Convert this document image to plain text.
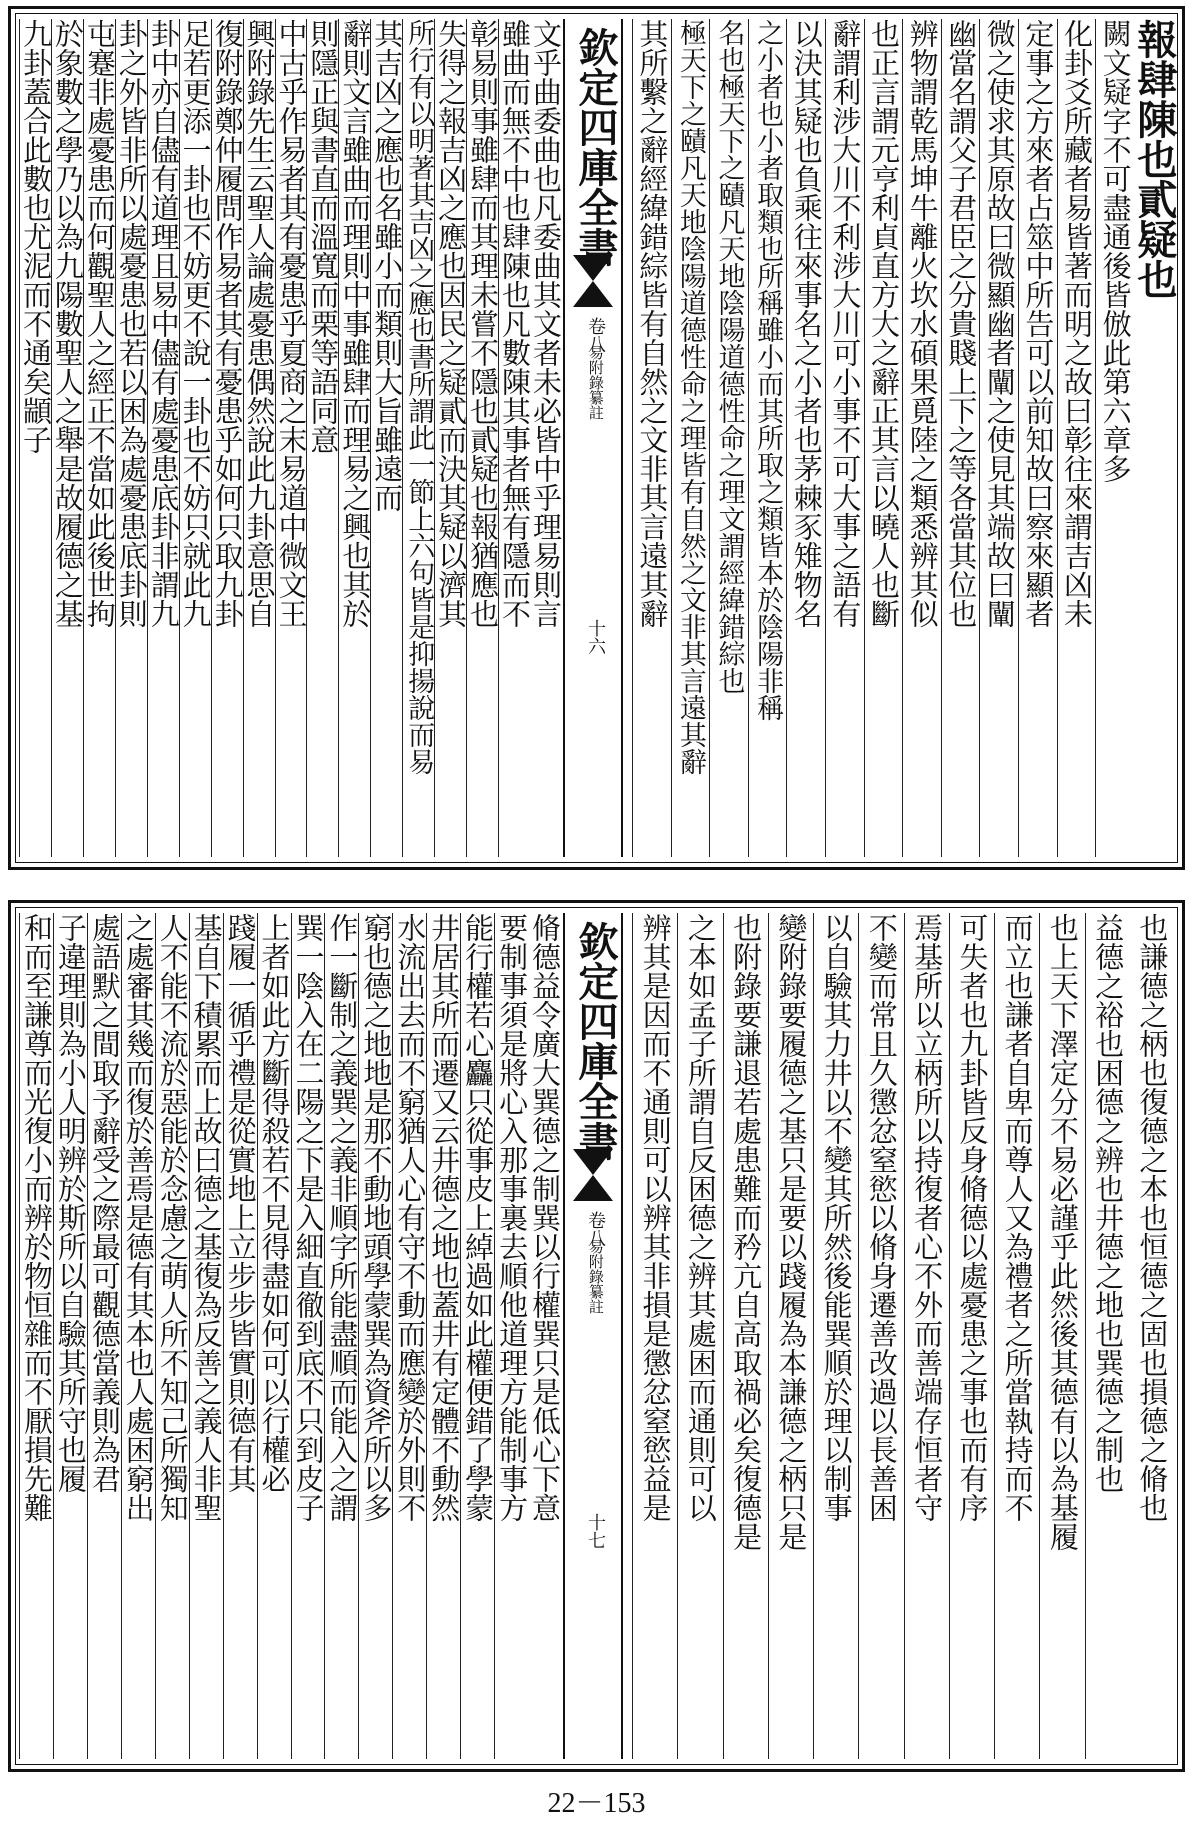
其所繫之辭經緯錯綜皆有自然之文非其言遠其辭 極天下之賾凡天地陰陽道德性命之理皆有自然之文非其言遠其辭 名也極天下之賾凡天地陰陽道德性命之理文謂經緯錯綜也 之小者也小者取類也所稱雖小而其所取之類皆本於陰陽非稱 以決其疑也負乘往來事名之小者也茅棘豕雉物名 辭謂利涉大川不利涉大川可小事不可大事之語有 也正言謂元亨利貞直方大之辭正其言以曉人也斷 辨物謂乾馬坤牛離火坎水碩果覓陸之類悉辨其似 幽當名謂父子君臣之分貴賤上下之等各當其位也 微之使求其原故曰微顯幽者闡之使見其端故曰闡 定事之方來者占筮中所告可以前知故曰察來顯者 化卦爻所藏者易皆著而明之故曰彰往來謂吉凶未 闕文疑字不可盡通後皆倣此第六章多
報肆陳也貳疑也
欽定四庫全書
卷八
易附錄纂註
十六
九卦蓋合此數也尤泥而不通矣顓子
於象數之學乃以為九陽數聖人之舉是故履德之基
屯蹇非處憂患而何觀聖人之經正不當如此後世拘
卦之外皆非所以處憂患也若以困為處憂患底卦則
卦中亦自儘有道理且易中儘有處憂患底卦非謂九
足若更添一卦也不妨更不說一卦也不妨只就此九
復附錄鄭仲履問作易者其有憂患乎如何只取九卦
興附錄先生云聖人論處憂患偶然說此九卦意思自
中古乎作易者其有憂患乎夏商之末易道中微文王
則隱正與書直而溫寬而栗等語同意
辭則文言雖曲而理則中事雖肆而理易之興也其於
其吉凶之應也名雖小而類則大旨雖遠而
所行有以明著其吉凶之應也書所謂此一節上六句皆是抑揚說而易 失得之報吉凶之應也因民之疑貳而決其疑以濟其
彰易則事雖肆而其理未嘗不隱也貳疑也報猶應也
雖曲而無不中也肆陳也凡數陳其事者無有隱而不
文乎曲委曲也凡委曲其文者未必皆中乎理易則言
辨其是因而不通則可以辨其非損是懲忿窒慾益是 之本如孟子所謂自反困德之辨其處困而通則可以 也附錄要謙退若處患難而矜亢自高取禍必矣復德是 變附錄要履德之基只是要以踐履為本謙德之柄只是 以自驗其力井以不變其所然後能巽順於理以制事 不變而常且久懲忿窒慾以脩身遷善改過以長善困 焉基所以立柄所以持復者心不外而善端存恒者守 可失者也九卦皆反身脩德以處憂患之事也而有序 而立也謙者自卑而尊人又為禮者之所當執持而不 也上天下澤定分不易必謹乎此然後其德有以為基履 益德之裕也困德之辨也井德之地也巽德之制也 也謙德之柄也復德之本也恒德之固也損德之脩也
欽定四庫全書
卷八
易附錄纂註
十七
和而至謙尊而光復小而辨於物恒雜而不厭損先難 子違理則為小人明辨於斯所以自驗其所守也履 處語默之間取予辭受之際最可觀德當義則為君 之處審其幾而復於善焉是德有其本也人處困窮出 人不能不流於惡能於念慮之萌人所不知己所獨知 基自下積累而上故曰德之基復為反善之義人非聖 踐履一循乎禮是從實地上立步步皆實則德有其 上者如此方斷得殺若不見得盡如何可以行權必 巽一陰入在二陽之下是入細直徹到底不只到皮子 作一斷制之義巽之義非順字所能盡順而能入之謂 窮也德之地地是那不動地頭學蒙巽為資斧所以多 水流出去而不窮猶人心有守不動而應變於外則不 井居其所而遷又云井德之地也蓋井有定體不動然 能行權若心麤只從事皮上綽過如此權便錯了學蒙 要制事須是將心入那事裏去順他道理方能制事方
脩德益令廣大巽德之制巽以行權巽只是低心下意
22－153
